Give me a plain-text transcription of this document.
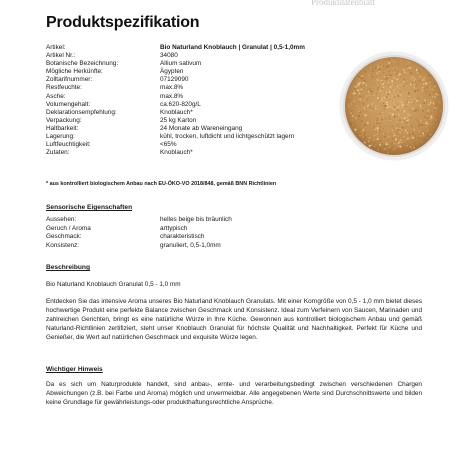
Produktdatenblatt
Produktspezifikation
Artikel:	Bio Naturland Knoblauch | Granulat | 0,5-1,0mm
Artikel Nr.:	34080
Botanische Bezeichnung:	Allium sativum
Mögliche Herkünfte:	Ägypten
Zolltarifnummer:	07129090
Restfeuchte:	max.8%
Asche:	max.8%
Volumengehalt:	ca.620-820g/L
Deklarationsempfehlung:	Knoblauch*
Verpackung:	25 kg Karton
Haltbarkeit:	24 Monate ab Wareneingang
Lagerung:	kühl, trocken, luftdicht und lichtgeschützt lagern
Luftfeuchtigkeit:	<65%
Zutaten:	Knoblauch*
* aus kontrolliert biologischem Anbau nach EU-ÖKO-VO 2018/848, gemäß BNN Richtlinien
Sensorische Eigenschaften
Aussehen:	helles beige bis bräunlich
Geruch / Aroma	arttypisch
Geschmack:	charakteristisch
Konsistenz:	granuliert, 0,5-1,0mm
Beschreibung
Bio Naturland Knoblauch Granulat 0,5 - 1,0 mm
Entdecken Sie das intensive Aroma unseres Bio Naturland Knoblauch Granulats. Mit einer Korngröße von 0,5 - 1,0 mm bietet dieses hochwertige Produkt eine perfekte Balance zwischen Geschmack und Konsistenz. Ideal zum Verfeinern von Saucen, Marinaden und zahlreichen Gerichten, bringt es eine natürliche Würze in Ihre Küche. Gewonnen aus kontrolliert biologischem Anbau und gemäß Naturland-Richtlinien zertifiziert, steht unser Knoblauch Granulat für höchste Qualität und Nachhaltigkeit. Perfekt für Küche und Genießer, die Wert auf natürlichen Geschmack und exquisite Würze legen.
Wichtiger Hinweis
Da es sich um Naturprodukte handelt, sind anbau-, ernte- und verarbeitungsbedingt zwischen verschiedenen Chargen Abweichungen (z.B. bei Farbe und Aroma) möglich und unvermeidbar. Alle angegebenen Werte sind Durchschnittswerte und bilden keine Grundlage für gewährleistungs-oder produkthaftungsrechtliche Ansprüche.
